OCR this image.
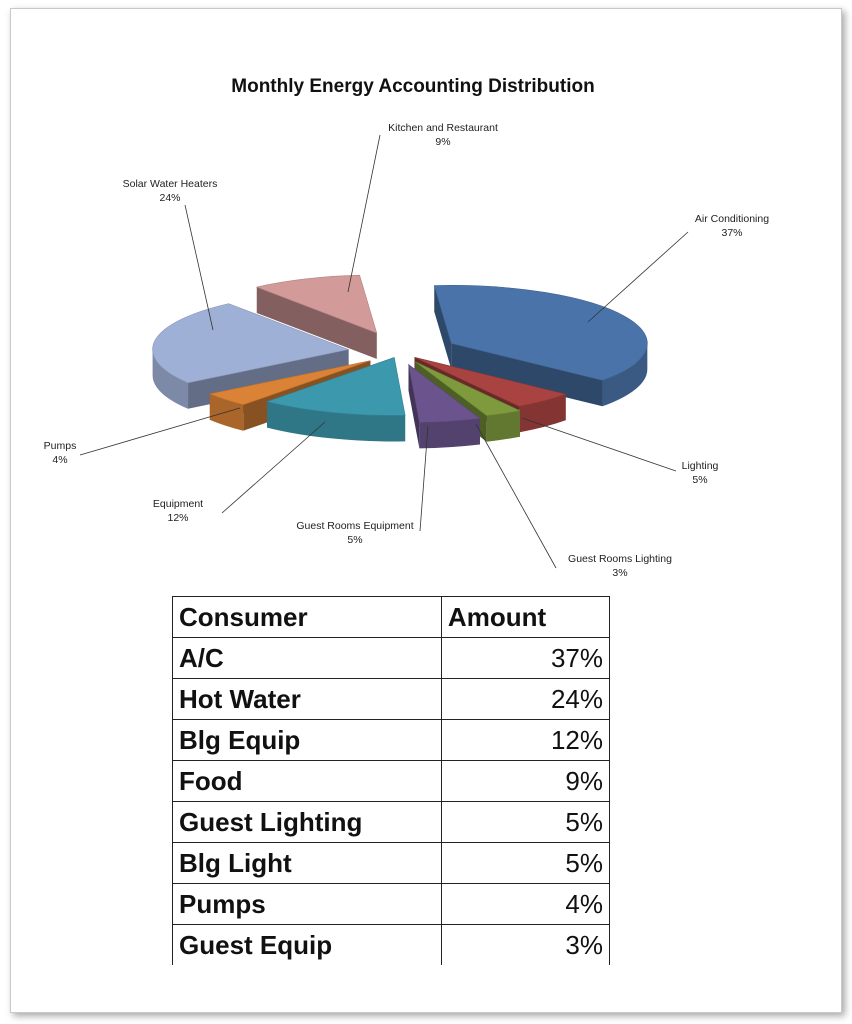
Monthly Energy Accounting Distribution
Air Conditioning
37%
Lighting
5%
Guest Rooms Lighting
3%
Guest Rooms Equipment
5%
Equipment
12%
Pumps
4%
Solar Water Heaters
24%
Kitchen and Restaurant
9%
Consumer	Amount
A/C	37%
Hot Water	24%
Blg Equip	12%
Food	9%
Guest Lighting	5%
Blg Light	5%
Pumps	4%
Guest Equip	3%
